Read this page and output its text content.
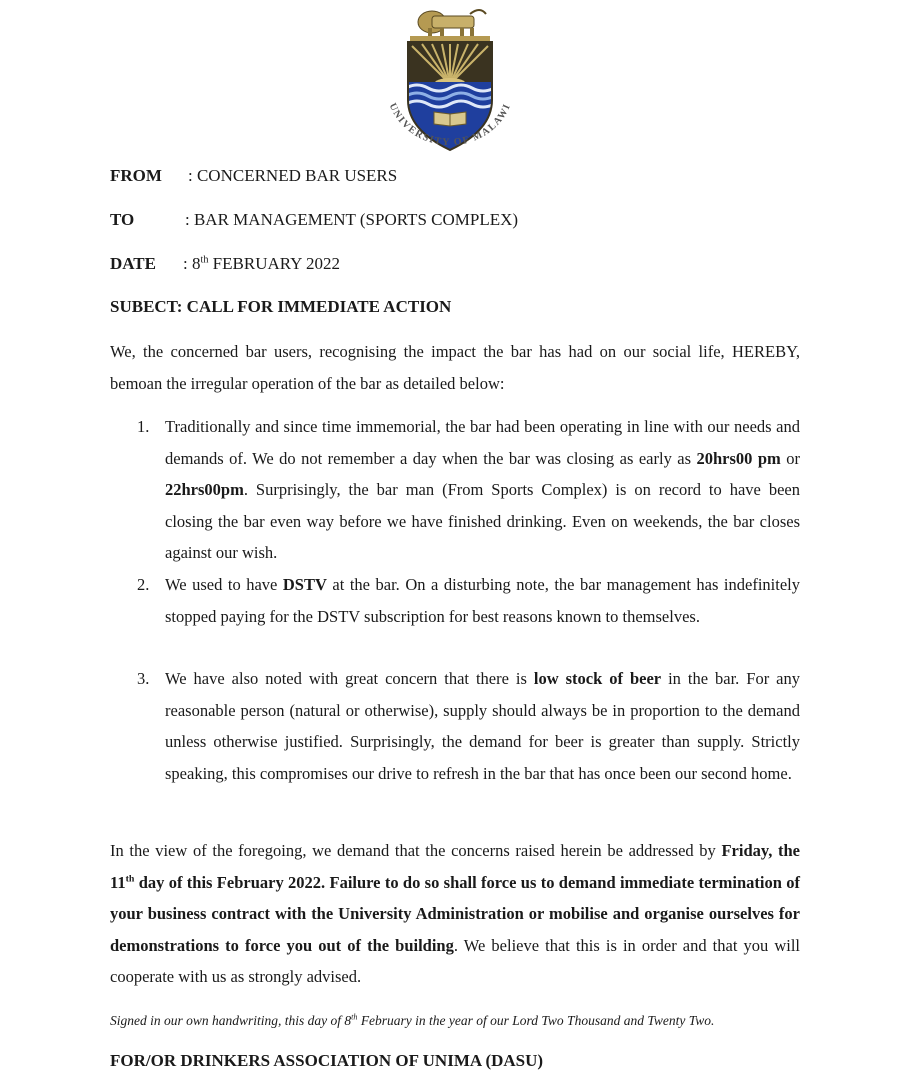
UNIVERSITY OF MALAWI
FROM : CONCERNED BAR USERS
TO	: BAR MANAGEMENT (SPORTS COMPLEX)
DATE : 8th FEBRUARY 2022
SUBECT: CALL FOR IMMEDIATE ACTION
We, the concerned bar users, recognising the impact the bar has had on our social life, HEREBY, bemoan the irregular operation of the bar as detailed below:
1. Traditionally and since time immemorial, the bar had been operating in line with our needs and demands of. We do not remember a day when the bar was closing as early as 20hrs00 pm or 22hrs00pm. Surprisingly, the bar man (From Sports Complex) is on record to have been closing the bar even way before we have finished drinking. Even on weekends, the bar closes against our wish.
2. We used to have DSTV at the bar. On a disturbing note, the bar management has indefinitely stopped paying for the DSTV subscription for best reasons known to themselves.
3. We have also noted with great concern that there is low stock of beer in the bar. For any reasonable person (natural or otherwise), supply should always be in proportion to the demand unless otherwise justified. Surprisingly, the demand for beer is greater than supply. Strictly speaking, this compromises our drive to refresh in the bar that has once been our second home.
In the view of the foregoing, we demand that the concerns raised herein be addressed by Friday, the 11th day of this February 2022. Failure to do so shall force us to demand immediate termination of your business contract with the University Administration or mobilise and organise ourselves for demonstrations to force you out of the building. We believe that this is in order and that you will cooperate with us as strongly advised.
Signed in our own handwriting, this day of 8th February in the year of our Lord Two Thousand and Twenty Two.
FOR/OR DRINKERS ASSOCIATION OF UNIMA (DASU)
